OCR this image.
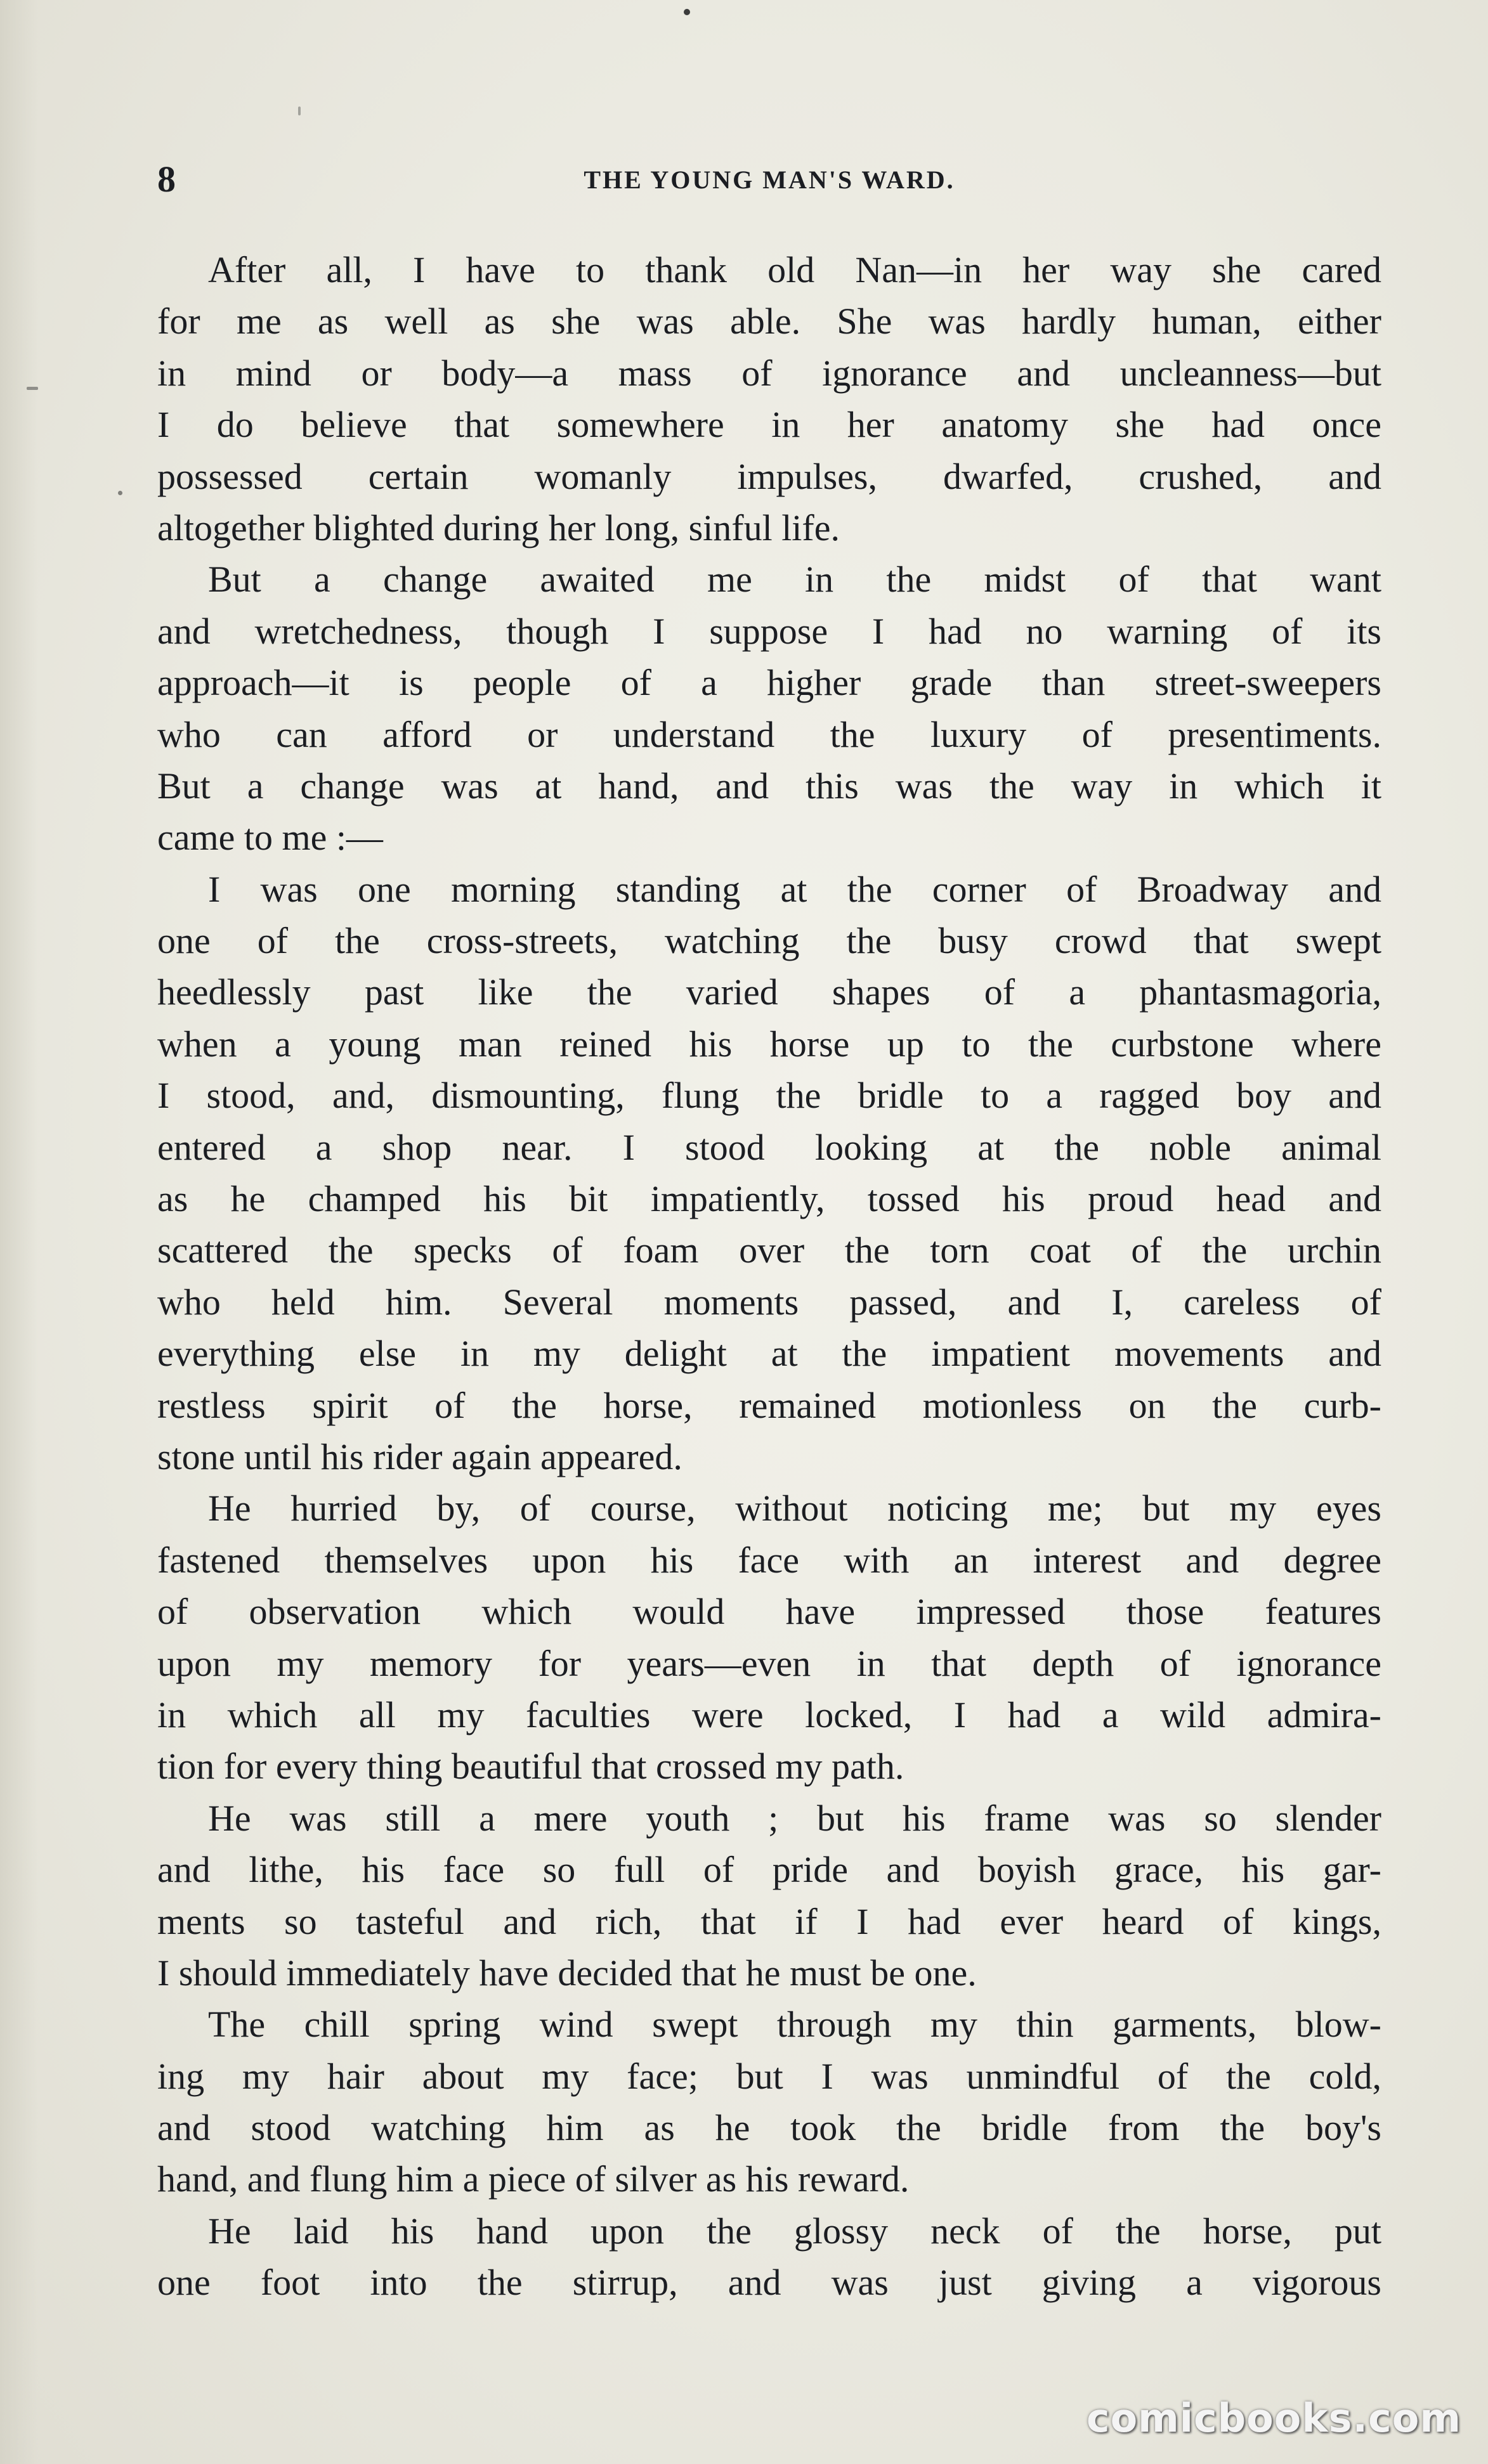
8	THE YOUNG MAN'S WARD.
After all, I have to thank old Nan—in her way she cared
for me as well as she was able. She was hardly human, either
in mind or body—a mass of ignorance and uncleanness—but
I do believe that somewhere in her anatomy she had once
possessed certain womanly impulses, dwarfed, crushed, and
altogether blighted during her long, sinful life.
But a change awaited me in the midst of that want
and wretchedness, though I suppose I had no warning of its
approach—it is people of a higher grade than street-sweepers
who can afford or understand the luxury of presentiments.
But a change was at hand, and this was the way in which it
came to me :—
I was one morning standing at the corner of Broadway and
one of the cross-streets, watching the busy crowd that swept
heedlessly past like the varied shapes of a phantasmagoria,
when a young man reined his horse up to the curbstone where
I stood, and, dismounting, flung the bridle to a ragged boy and
entered a shop near. I stood looking at the noble animal
as he champed his bit impatiently, tossed his proud head and
scattered the specks of foam over the torn coat of the urchin
who held him. Several moments passed, and I, careless of
everything else in my delight at the impatient movements and
restless spirit of the horse, remained motionless on the curb-
stone until his rider again appeared.
He hurried by, of course, without noticing me; but my eyes
fastened themselves upon his face with an interest and degree
of observation which would have impressed those features
upon my memory for years—even in that depth of ignorance
in which all my faculties were locked, I had a wild admira-
tion for every thing beautiful that crossed my path.
He was still a mere youth ; but his frame was so slender
and lithe, his face so full of pride and boyish grace, his gar-
ments so tasteful and rich, that if I had ever heard of kings,
I should immediately have decided that he must be one.
The chill spring wind swept through my thin garments, blow-
ing my hair about my face; but I was unmindful of the cold,
and stood watching him as he took the bridle from the boy's
hand, and flung him a piece of silver as his reward.
He laid his hand upon the glossy neck of the horse, put
one foot into the stirrup, and was just giving a vigorous
comicbooks.com
